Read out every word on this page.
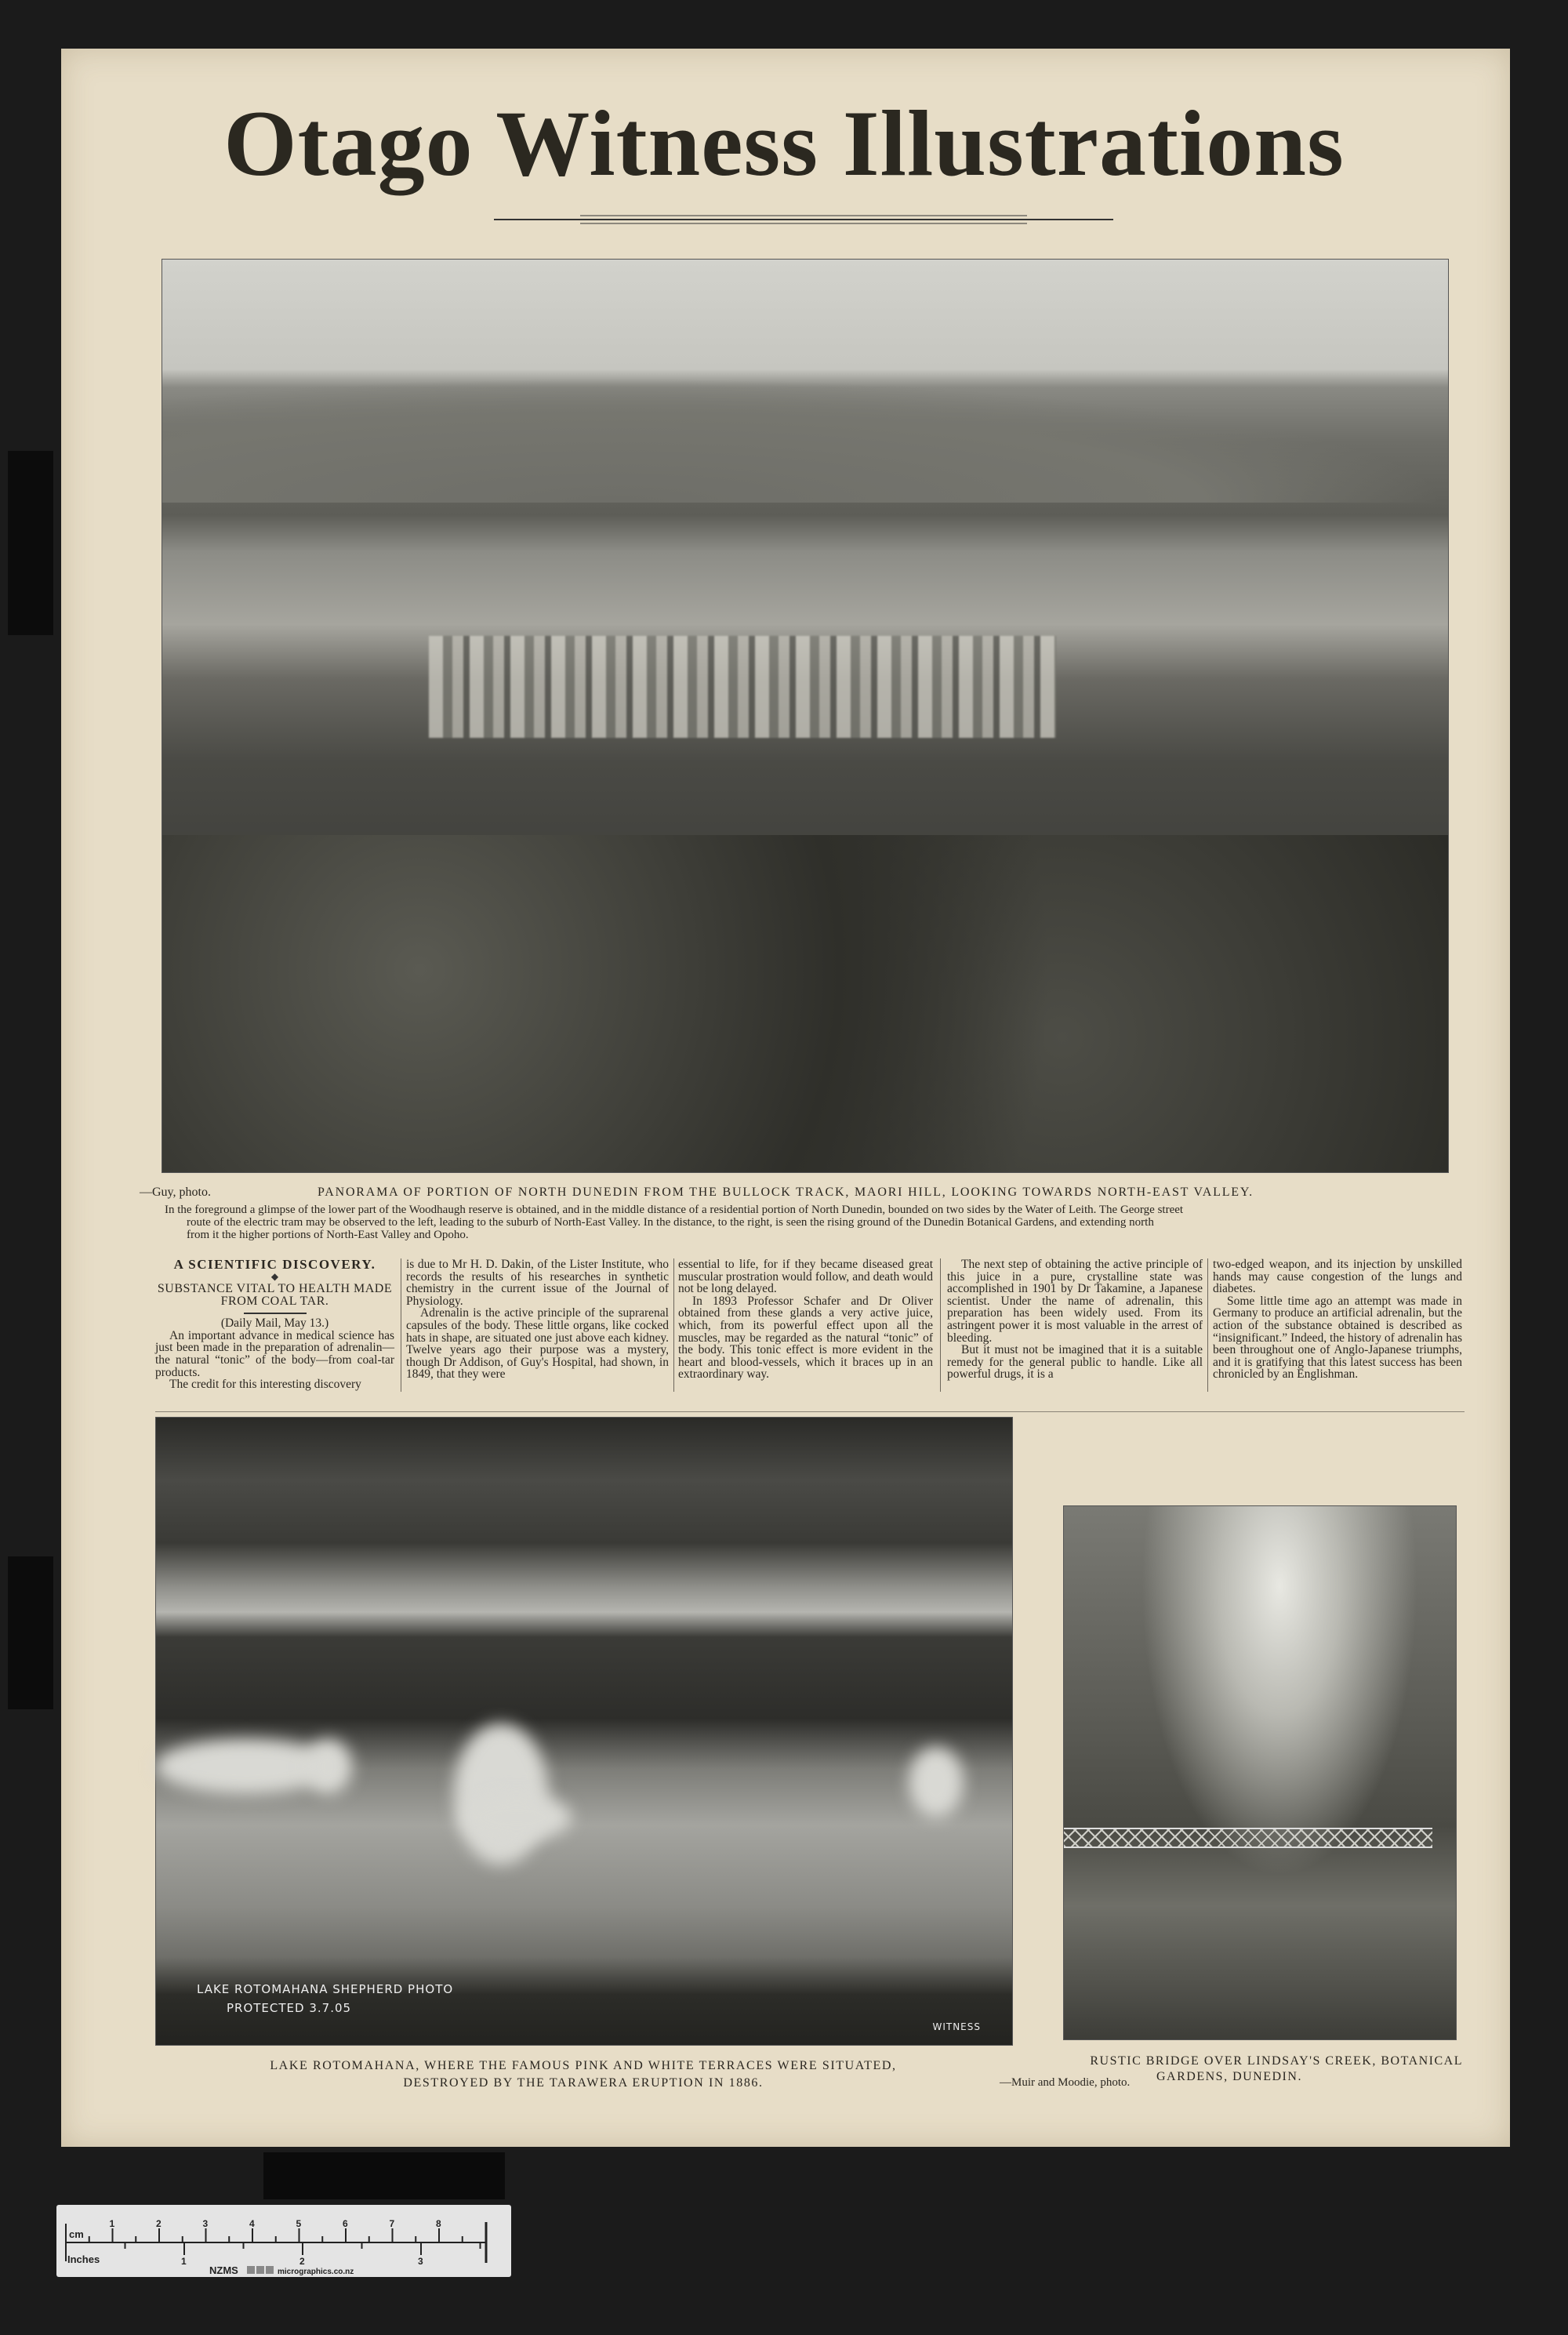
Otago Witness Illustrations
—Guy, photo.	PANORAMA OF PORTION OF NORTH DUNEDIN FROM THE BULLOCK TRACK, MAORI HILL, LOOKING TOWARDS NORTH-EAST VALLEY.
In the foreground a glimpse of the lower part of the Woodhaugh reserve is obtained, and in the middle distance of a residential portion of North Dunedin, bounded on two sides by the Water of Leith. The George street
route of the electric tram may be observed to the left, leading to the suburb of North-East Valley. In the distance, to the right, is seen the rising ground of the Dunedin Botanical Gardens, and extending north
from it the higher portions of North-East Valley and Opoho.

A SCIENTIFIC DISCOVERY.

◆

SUBSTANCE VITAL TO HEALTH MADE FROM COAL TAR.

(Daily Mail, May 13.)

An important advance in medical science has just been made in the preparation of adrenalin—the natural “tonic” of the body—from coal-tar products.

The credit for this interesting discovery

is due to Mr H. D. Dakin, of the Lister Institute, who records the results of his researches in synthetic chemistry in the current issue of the Journal of Physiology.

Adrenalin is the active principle of the suprarenal capsules of the body. These little organs, like cocked hats in shape, are situated one just above each kidney. Twelve years ago their purpose was a mystery, though Dr Addison, of Guy's Hospital, had shown, in 1849, that they were

essential to life, for if they became diseased great muscular prostration would follow, and death would not be long delayed.

In 1893 Professor Schafer and Dr Oliver obtained from these glands a very active juice, which, from its powerful effect upon all the muscles, may be regarded as the natural “tonic” of the body. This tonic effect is more evident in the heart and blood-vessels, which it braces up in an extraordinary way.

The next step of obtaining the active principle of this juice in a pure, crystalline state was accomplished in 1901 by Dr Takamine, a Japanese scientist. Under the name of adrenalin, this preparation has been widely used. From its astringent power it is most valuable in the arrest of bleeding.

But it must not be imagined that it is a suitable remedy for the general public to handle. Like all powerful drugs, it is a

two-edged weapon, and its injection by unskilled hands may cause congestion of the lungs and diabetes.

Some little time ago an attempt was made in Germany to produce an artificial adrenalin, but the action of the substance obtained is described as “insignificant.” Indeed, the history of adrenalin has been throughout one of Anglo-Japanese triumphs, and it is gratifying that this latest success has been chronicled by an Englishman.

LAKE ROTOMAHANA SHEPHERD PHOTO
PROTECTED 3.7.05
WITNESS
LAKE ROTOMAHANA, WHERE THE FAMOUS PINK AND WHITE TERRACES WERE SITUATED,
DESTROYED BY THE TARAWERA ERUPTION IN 1886.
RUSTIC BRIDGE OVER LINDSAY'S CREEK, BOTANICAL
GARDENS, DUNEDIN.
—Muir and Moodie, photo.
cm
Inches
1	2	3	4	5	6	7	8
1	2	3
NZMS	micrographics.co.nz
